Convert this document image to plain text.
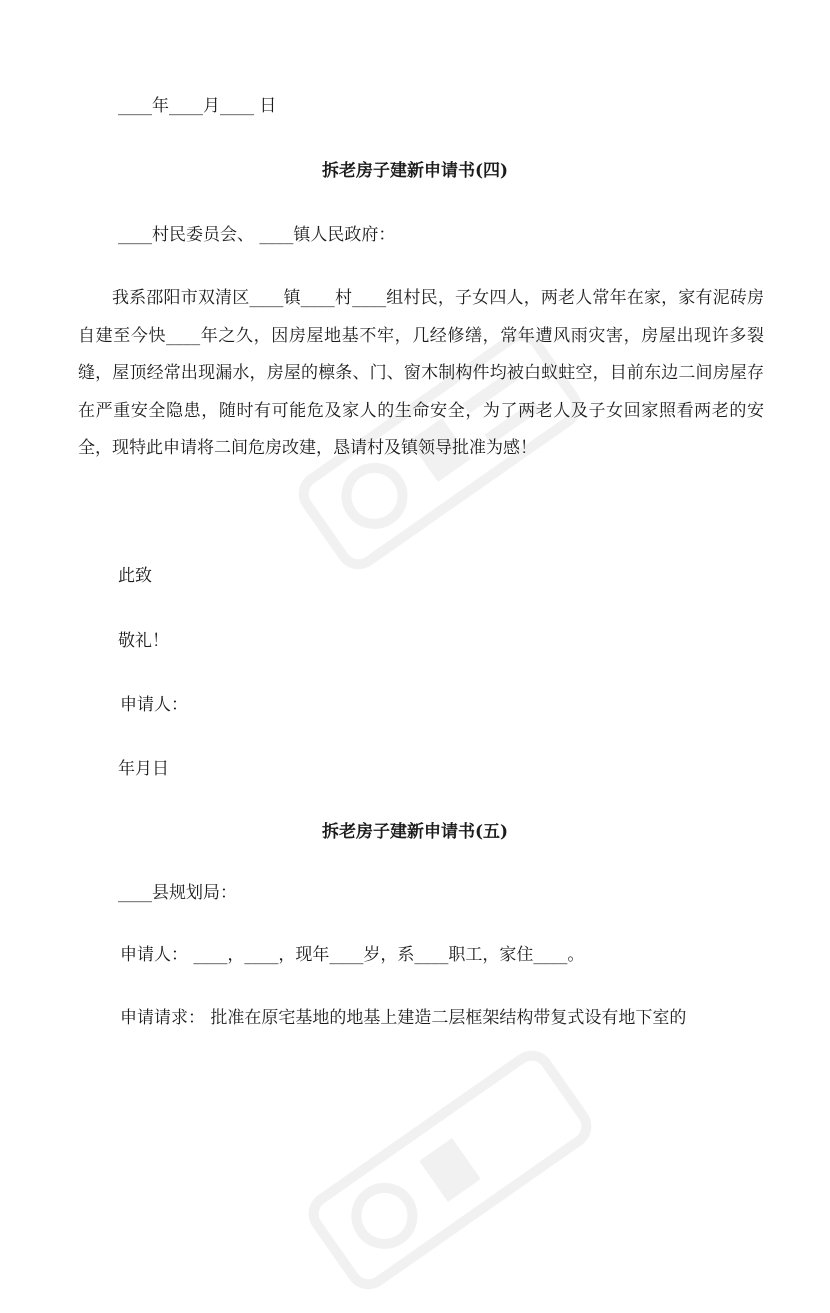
____年____月____ 日
拆老房子建新申请书(四)
____村民委员会、 ____镇人民政府：
我系邵阳市双清区____镇____村____组村民，子女四人，两老人常年在家，家有泥砖房自建至今快____年之久，因房屋地基不牢，几经修缮，常年遭风雨灾害，房屋出现许多裂缝，屋顶经常出现漏水，房屋的檩条、门、窗木制构件均被白蚁蛀空，目前东边二间房屋存在严重安全隐患，随时有可能危及家人的生命安全，为了两老人及子女回家照看两老的安全，现特此申请将二间危房改建，恳请村及镇领导批准为感！
此致
敬礼！
申请人：
年月日
拆老房子建新申请书(五)
____县规划局：
申请人： ____，____，现年____岁，系____职工，家住____。
申请请求： 批准在原宅基地的地基上建造二层框架结构带复式设有地下室的
